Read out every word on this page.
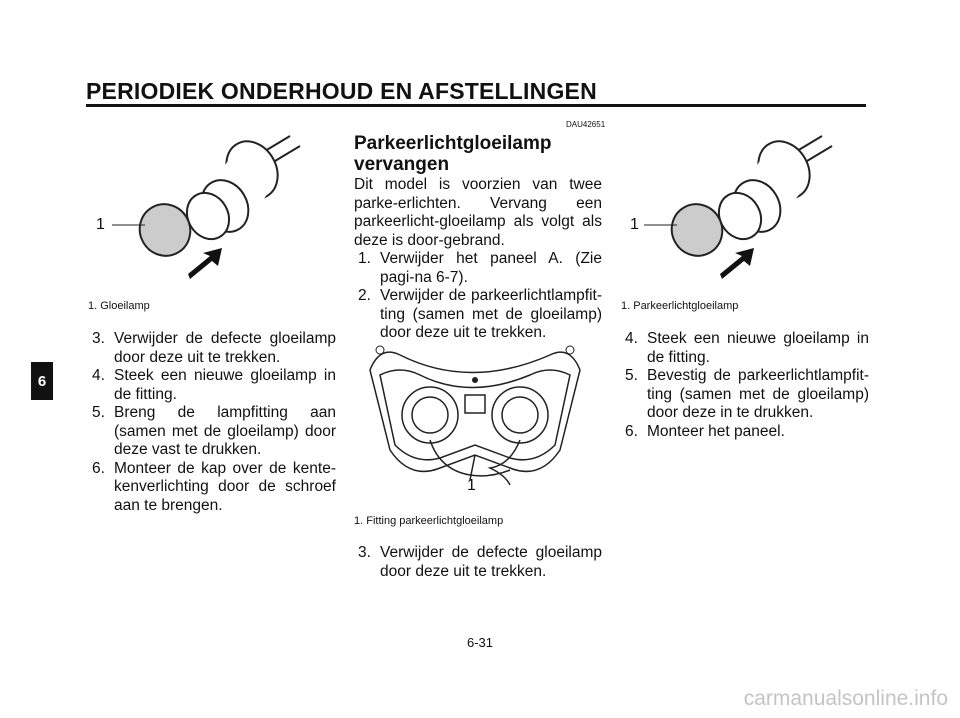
PERIODIEK ONDERHOUD EN AFSTELLINGEN
6
1
1. Gloeilamp
3. Verwijder de defecte gloeilamp door deze uit te trekken.
4. Steek een nieuwe gloeilamp in de fitting.
5. Breng de lampfitting aan (samen met de gloeilamp) door deze vast te drukken.
6. Monteer de kap over de kente-kenverlichting door de schroef aan te brengen.
DAU42651
Parkeerlichtgloeilamp
vervangen

Dit model is voorzien van twee parke-erlichten. Vervang een parkeerlicht-gloeilamp als volgt als deze is door-gebrand.

1. Verwijder het paneel A. (Zie pagi-na 6-7).
2. Verwijder de parkeerlichtlampfit-ting (samen met de gloeilamp) door deze uit te trekken.
1
1. Fitting parkeerlichtgloeilamp
3. Verwijder de defecte gloeilamp door deze uit te trekken.
1
1. Parkeerlichtgloeilamp
4. Steek een nieuwe gloeilamp in de fitting.
5. Bevestig de parkeerlichtlampfit-ting (samen met de gloeilamp) door deze in te drukken.
6. Monteer het paneel.
6-31
carmanualsonline.info
